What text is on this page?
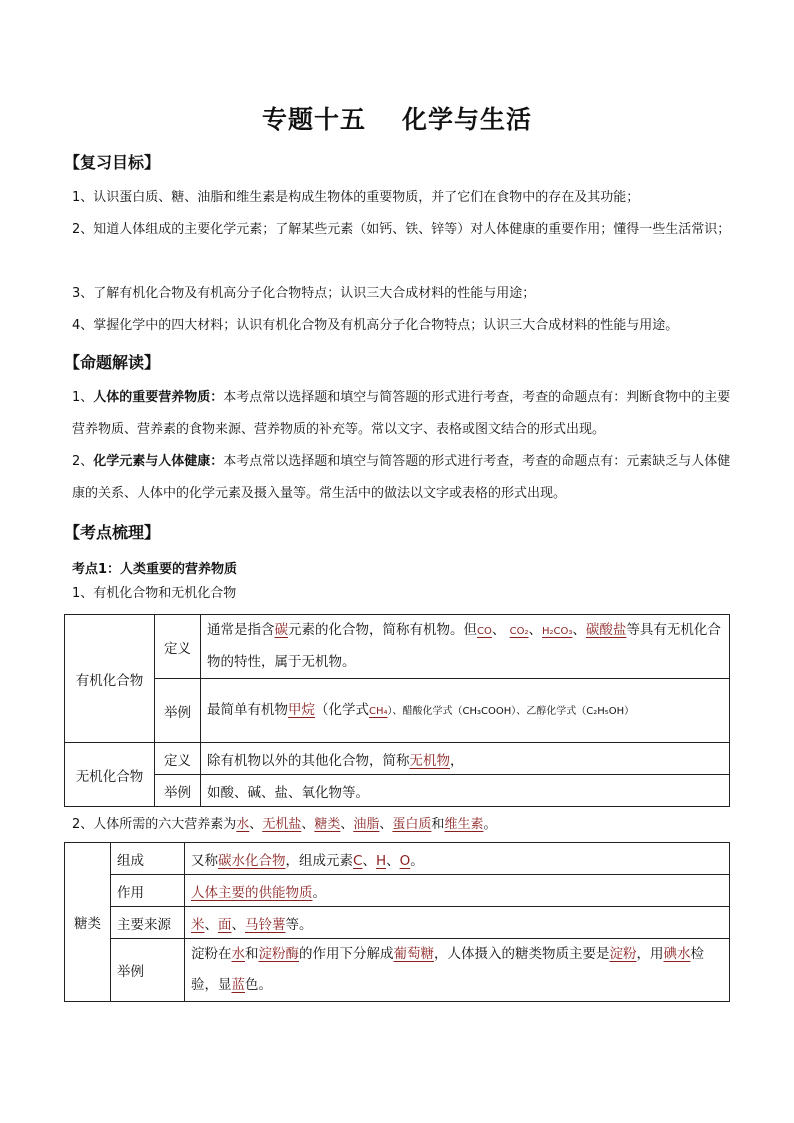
专题十五 化学与生活
【复习目标】
1、认识蛋白质、糖、油脂和维生素是构成生物体的重要物质，并了它们在食物中的存在及其功能；
2、知道人体组成的主要化学元素；了解某些元素（如钙、铁、锌等）对人体健康的重要作用；懂得一些生活常识；
3、了解有机化合物及有机高分子化合物特点；认识三大合成材料的性能与用途；
4、掌握化学中的四大材料；认识有机化合物及有机高分子化合物特点；认识三大合成材料的性能与用途。
【命题解读】
1、人体的重要营养物质：本考点常以选择题和填空与简答题的形式进行考查，考查的命题点有：判断食物中的主要营养物质、营养素的食物来源、营养物质的补充等。常以文字、表格或图文结合的形式出现。
2、化学元素与人体健康：本考点常以选择题和填空与简答题的形式进行考查，考查的命题点有：元素缺乏与人体健康的关系、人体中的化学元素及摄入量等。常生活中的做法以文字或表格的形式出现。
【考点梳理】
考点1：人类重要的营养物质
1、有机化合物和无机化合物
有机化合物	定义	通常是指含碳元素的化合物，简称有机物。但CO、 CO₂、H₂CO₃、碳酸盐等具有无机化合物的特性，属于无机物。
	举例	最简单有机物甲烷（化学式CH₄）、醋酸化学式（CH₃COOH）、乙醇化学式（C₂H₅OH）
无机化合物	定义	除有机物以外的其他化合物，简称无机物，
	举例	如酸、碱、盐、氧化物等。
2、人体所需的六大营养素为水、无机盐、糖类、油脂、蛋白质和维生素。
糖类	组成	又称碳水化合物，组成元素C、H、O。
	作用	人体主要的供能物质。
	主要来源	米、面、马铃薯等。
	举例	淀粉在水和淀粉酶的作用下分解成葡萄糖，人体摄入的糖类物质主要是淀粉，用碘水检验，显蓝色。
